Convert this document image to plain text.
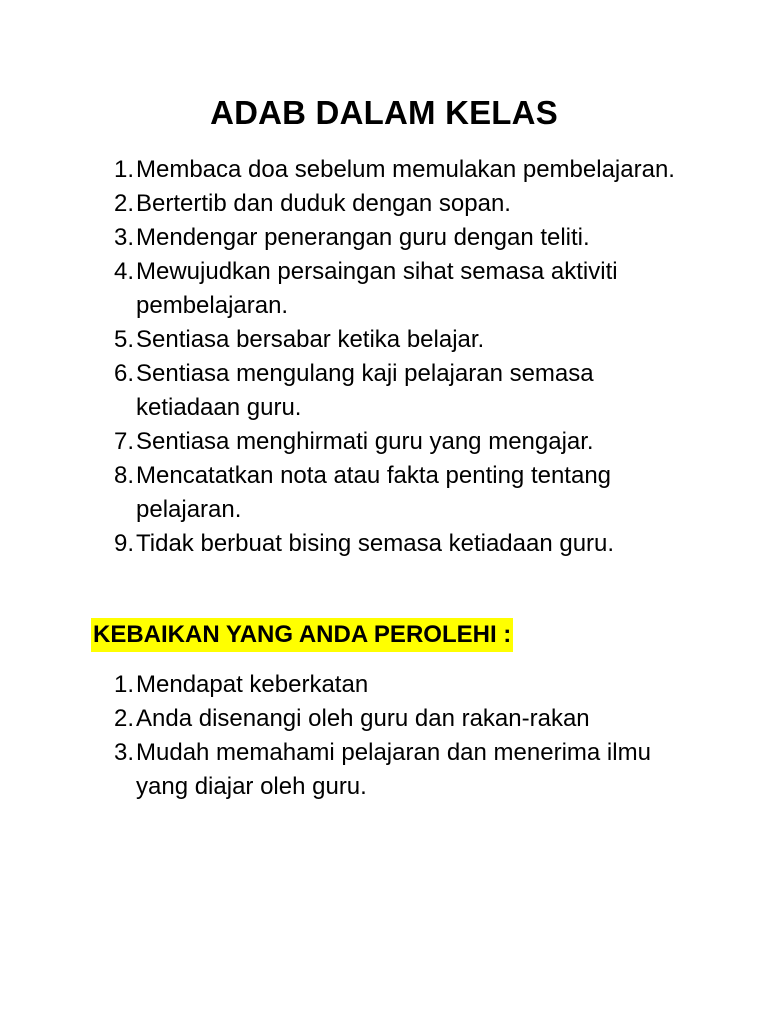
ADAB DALAM KELAS
1 . Membaca doa sebelum memulakan pembelajaran.
2 . Bertertib dan duduk dengan sopan.
3 . Mendengar penerangan guru dengan teliti.
4 . Mewujudkan persaingan sihat semasa aktiviti pembelajaran.
5 . Sentiasa bersabar ketika belajar.
6 . Sentiasa mengulang kaji pelajaran semasa ketiadaan guru.
7 . Sentiasa menghirmati guru yang mengajar.
8 . Mencatatkan nota atau fakta penting tentang pelajaran.
9 . Tidak berbuat bising semasa ketiadaan guru.
KEBAIKAN YANG ANDA PEROLEHI :
1 . Mendapat keberkatan
2 . Anda disenangi oleh guru dan rakan-rakan
3 . Mudah memahami pelajaran dan menerima ilmu yang diajar oleh guru.
